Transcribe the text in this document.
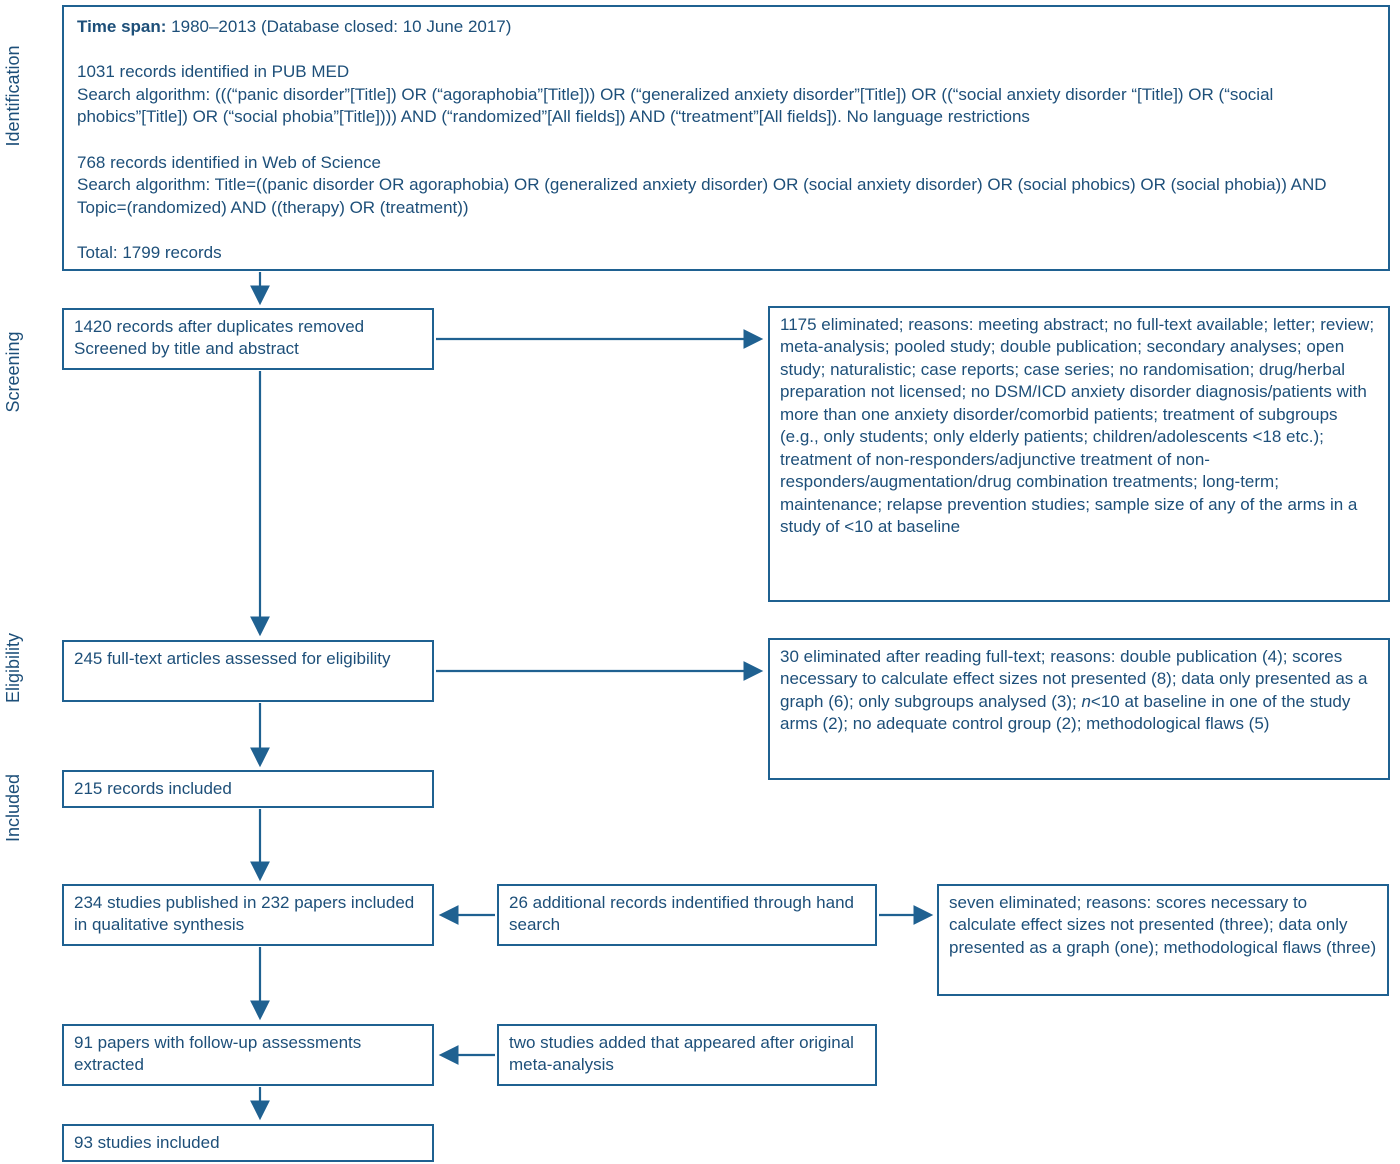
Identification
Screening
Eligibility
Included

Time span: 1980–2013 (Database closed: 10 June 2017)

1031 records identified in PUB MED

Search algorithm: (((“panic disorder”[Title]) OR (“agoraphobia”[Title])) OR (“generalized anxiety disorder”[Title]) OR ((“social anxiety disorder “[Title]) OR (“social phobics”[Title]) OR (“social phobia”[Title]))) AND (“randomized”[All fields]) AND (“treatment”[All fields]). No language restrictions

768 records identified in Web of Science

Search algorithm: Title=((panic disorder OR agoraphobia) OR (generalized anxiety disorder) OR (social anxiety disorder) OR (social phobics) OR (social phobia)) AND Topic=(randomized) AND ((therapy) OR (treatment))

Total: 1799 records

1420 records after duplicates removed
Screened by title and abstract
1175 eliminated; reasons: meeting abstract; no full-text available; letter; review; meta-analysis; pooled study; double publication; secondary analyses; open study; naturalistic; case reports; case series; no randomisation; drug/herbal preparation not licensed; no DSM/ICD anxiety disorder diagnosis/patients with more than one anxiety disorder/comorbid patients; treatment of subgroups (e.g., only students; only elderly patients; children/adolescents <18 etc.); treatment of non-responders/adjunctive treatment of non-responders/augmentation/drug combination treatments; long-term; maintenance; relapse prevention studies; sample size of any of the arms in a study of <10 at baseline
245 full-text articles assessed for eligibility	30 eliminated after reading full-text; reasons: double publication (4); scores necessary to calculate effect sizes not presented (8); data only presented as a graph (6); only subgroups analysed (3); n<10 at baseline in one of the study arms (2); no adequate control group (2); methodological flaws (5)
215 records included
234 studies published in 232 papers included in qualitative synthesis
26 additional records indentified through hand search
seven eliminated; reasons: scores necessary to calculate effect sizes not presented (three); data only presented as a graph (one); methodological flaws (three)
91 papers with follow-up assessments extracted
two studies added that appeared after original meta-analysis
93 studies included
